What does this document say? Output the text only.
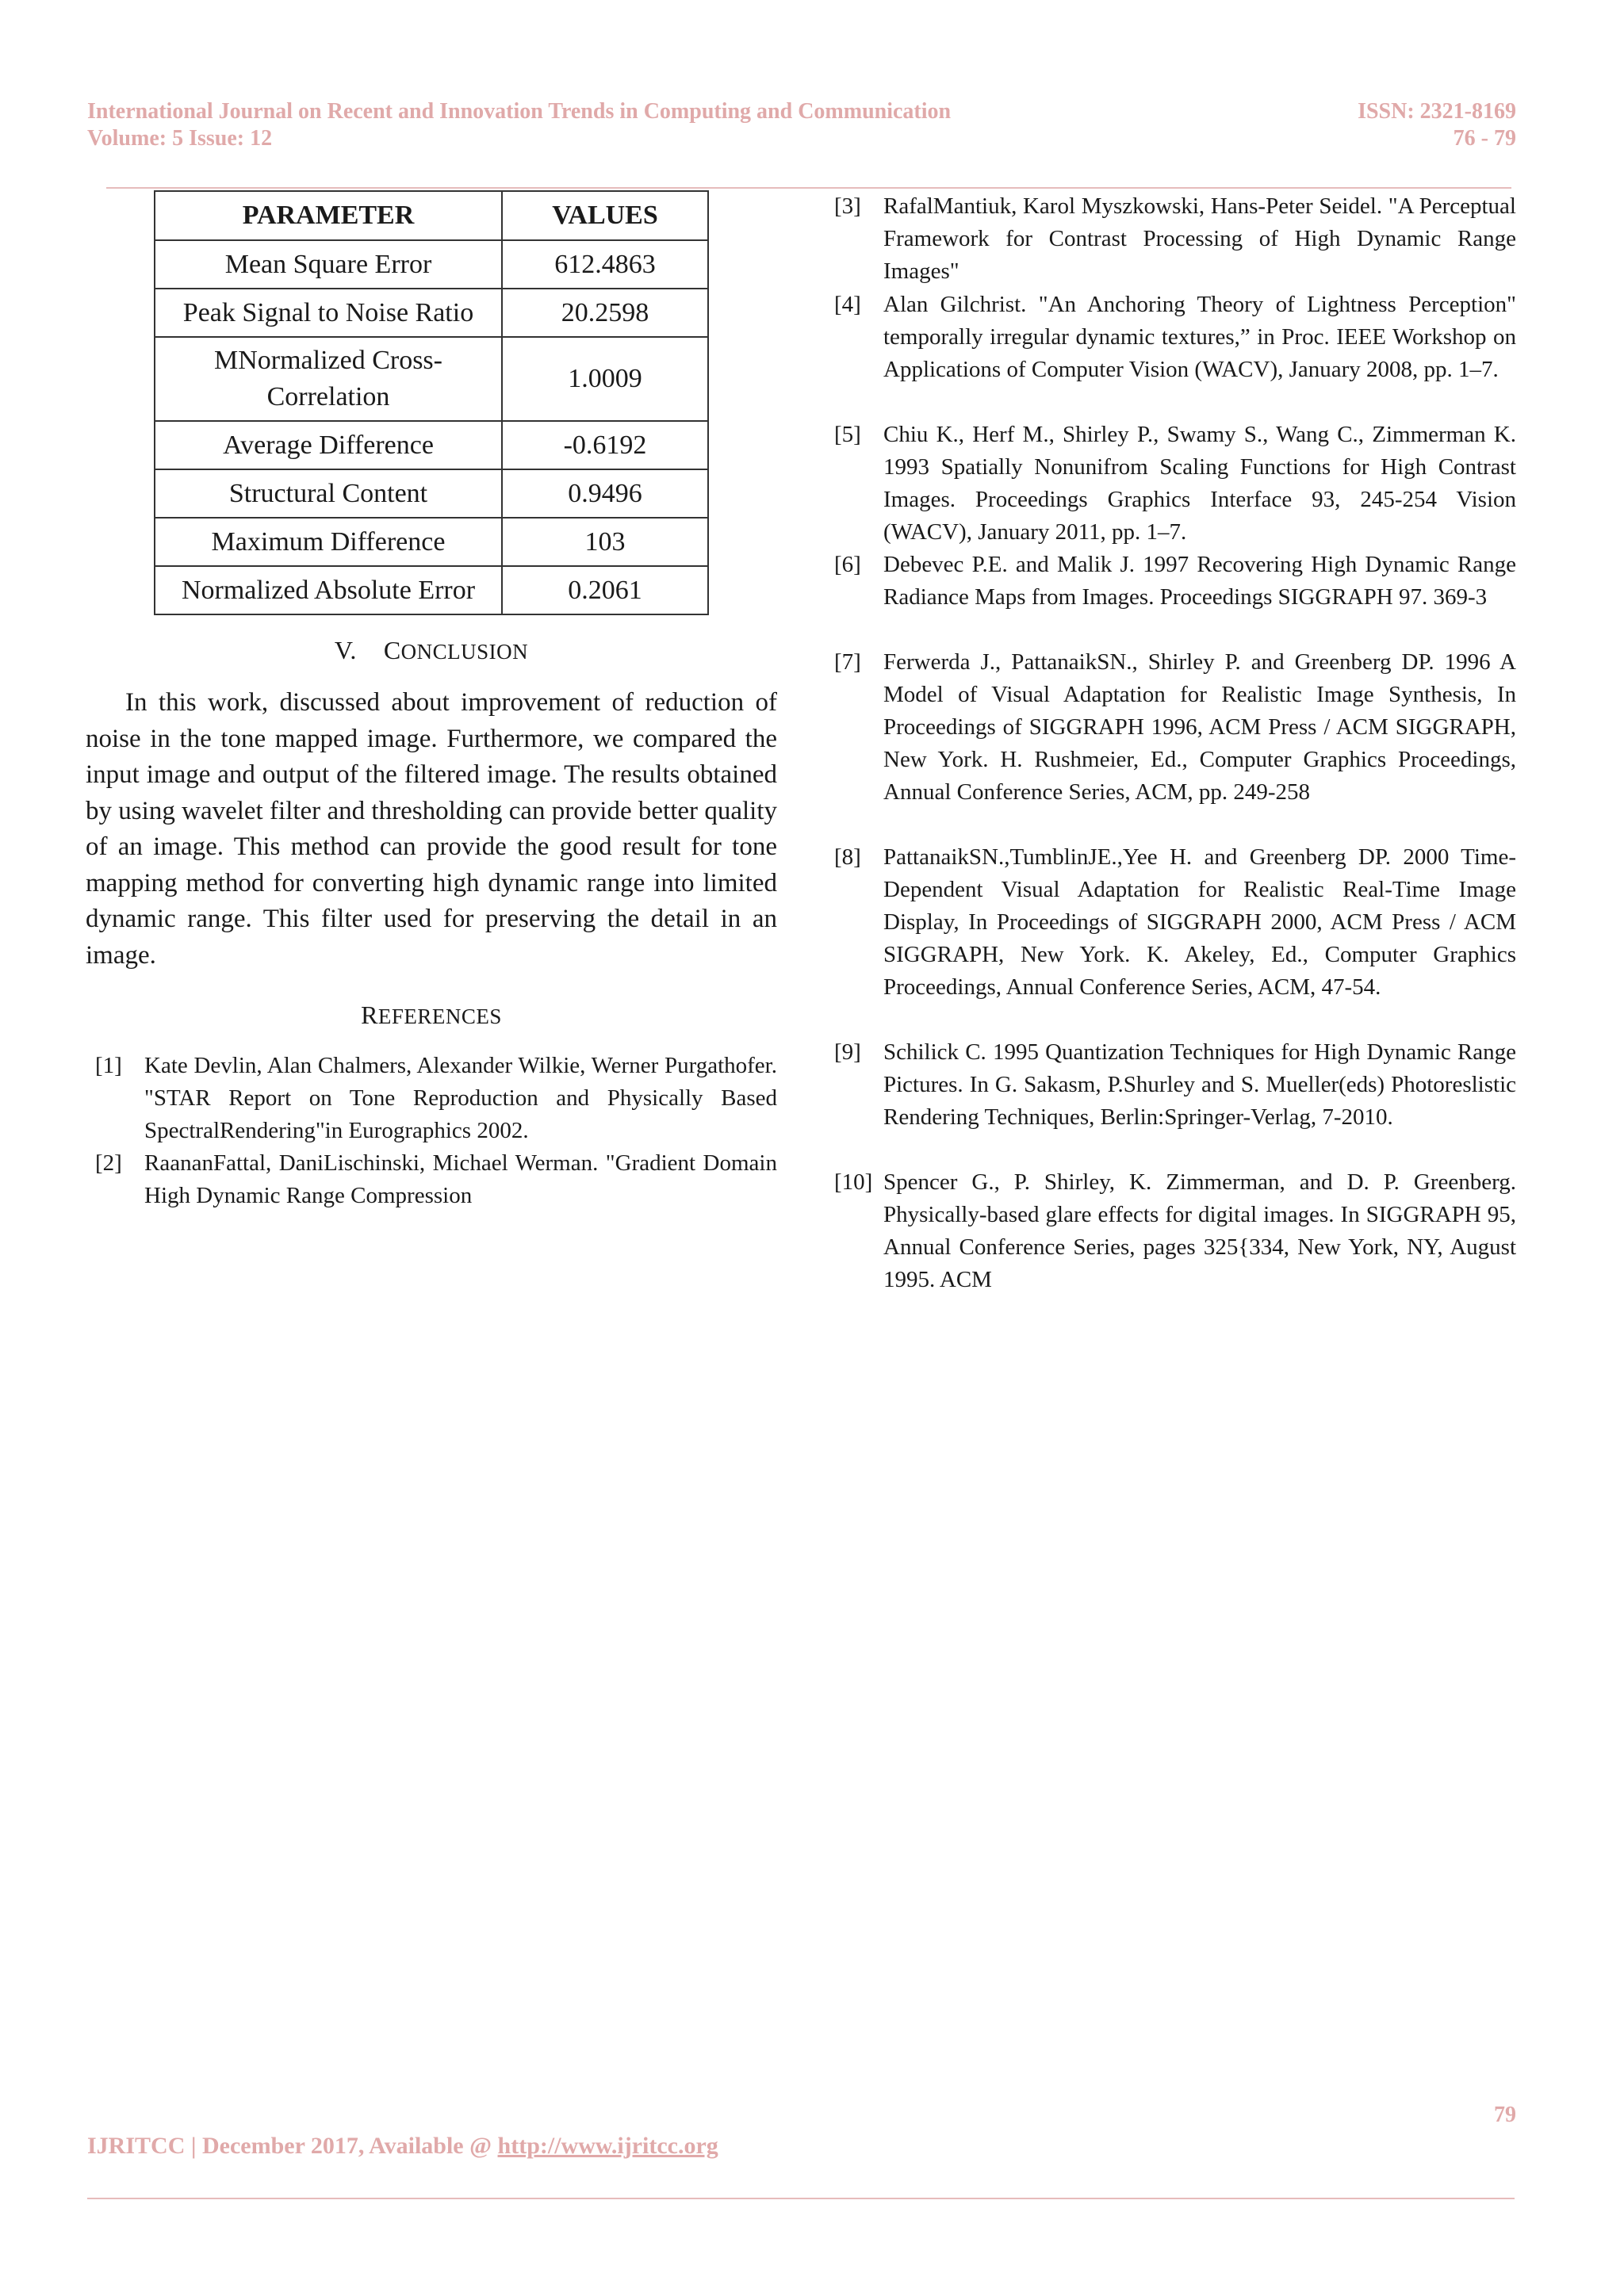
International Journal on Recent and Innovation Trends in Computing and Communication
Volume: 5 Issue: 12
ISSN: 2321-8169
76 - 79
PARAMETER	VALUES
Mean Square Error	612.4863
Peak Signal to Noise Ratio	20.2598
MNormalized Cross-
Correlation	1.0009
Average Difference	-0.6192
Structural Content	0.9496
Maximum Difference	103
Normalized Absolute Error	0.2061
V. CONCLUSION
In this work, discussed about improvement of reduction of noise in the tone mapped image. Furthermore, we compared the input image and output of the filtered image. The results obtained by using wavelet filter and thresholding can provide better quality of an image. This method can provide the good result for tone mapping method for converting high dynamic range into limited dynamic range. This filter used for preserving the detail in an image.
REFERENCES
[1] Kate Devlin, Alan Chalmers, Alexander Wilkie, Werner Purgathofer. "STAR Report on Tone Reproduction and Physically Based SpectralRendering"in Eurographics 2002.
[2] RaananFattal, DaniLischinski, Michael Werman. "Gradient Domain High Dynamic Range Compression
[3] RafalMantiuk, Karol Myszkowski, Hans-Peter Seidel. "A Perceptual Framework for Contrast Processing of High Dynamic Range Images"
[4] Alan Gilchrist. "An Anchoring Theory of Lightness Perception" temporally irregular dynamic textures,” in Proc. IEEE Workshop on Applications of Computer Vision (WACV), January 2008, pp. 1–7.
[5] Chiu K., Herf M., Shirley P., Swamy S., Wang C., Zimmerman K. 1993 Spatially Nonunifrom Scaling Functions for High Contrast Images. Proceedings Graphics Interface 93, 245-254 Vision (WACV), January 2011, pp. 1–7.
[6] Debevec P.E. and Malik J. 1997 Recovering High Dynamic Range Radiance Maps from Images. Proceedings SIGGRAPH 97. 369-3
[7] Ferwerda J., PattanaikSN., Shirley P. and Greenberg DP. 1996 A Model of Visual Adaptation for Realistic Image Synthesis, In Proceedings of SIGGRAPH 1996, ACM Press / ACM SIGGRAPH, New York. H. Rushmeier, Ed., Computer Graphics Proceedings, Annual Conference Series, ACM, pp. 249-258
[8] PattanaikSN.,TumblinJE.,Yee H. and Greenberg DP. 2000 Time-Dependent Visual Adaptation for Realistic Real-Time Image Display, In Proceedings of SIGGRAPH 2000, ACM Press / ACM SIGGRAPH, New York. K. Akeley, Ed., Computer Graphics Proceedings, Annual Conference Series, ACM, 47-54.
[9] Schilick C. 1995 Quantization Techniques for High Dynamic Range Pictures. In G. Sakasm, P.Shurley and S. Mueller(eds) Photoreslistic Rendering Techniques, Berlin:Springer-Verlag, 7-2010.
[10] Spencer G., P. Shirley, K. Zimmerman, and D. P. Greenberg. Physically-based glare effects for digital images. In SIGGRAPH 95, Annual Conference Series, pages 325{334, New York, NY, August 1995. ACM
79
IJRITCC | December 2017, Available @ http://www.ijritcc.org
